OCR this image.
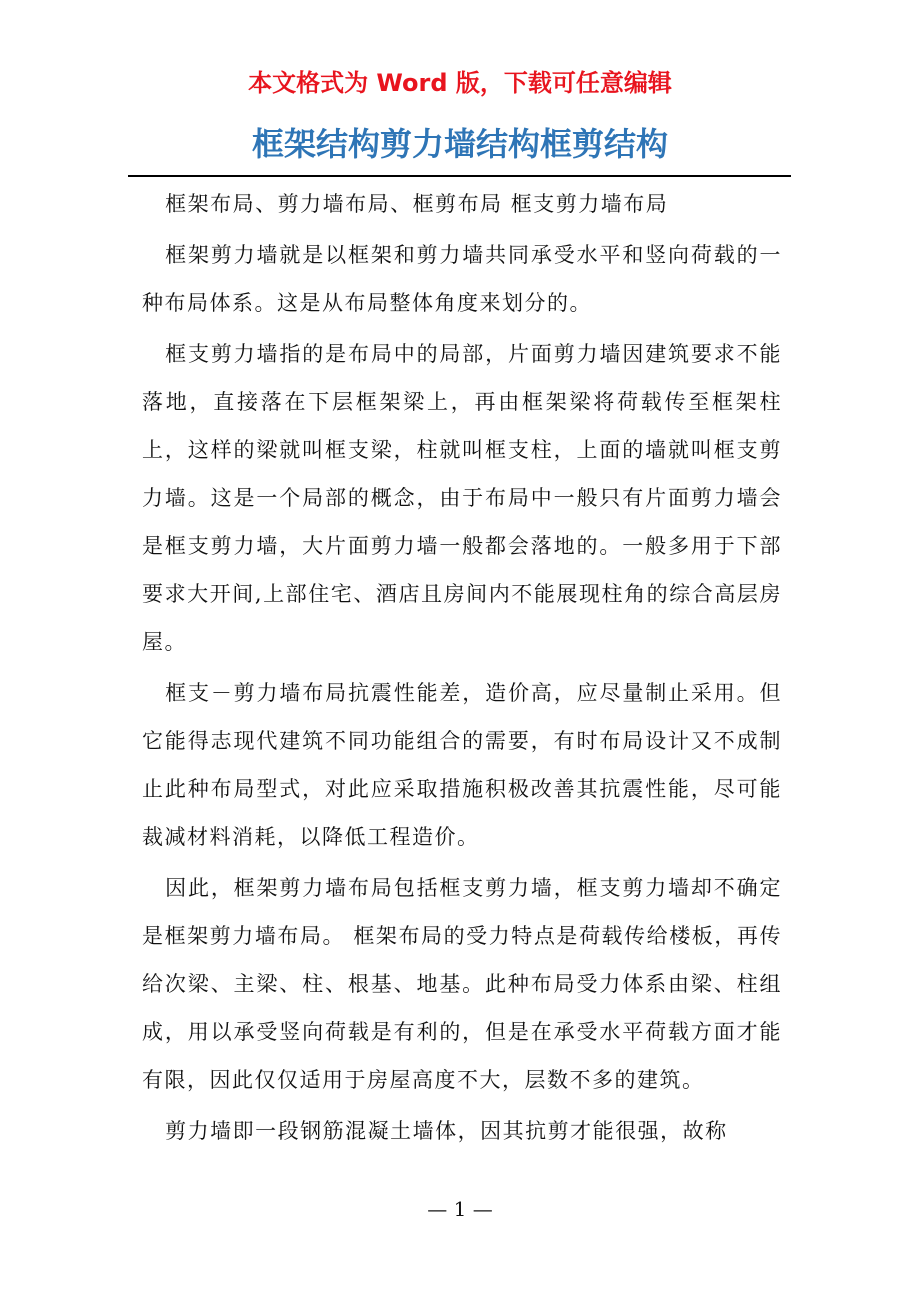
本文格式为 Word 版，下载可任意编辑
框架结构剪力墙结构框剪结构

框架布局、剪力墙布局、框剪布局 框支剪力墙布局

框架剪力墙就是以框架和剪力墙共同承受水平和竖向荷载的一种布局体系。这是从布局整体角度来划分的。

框支剪力墙指的是布局中的局部，片面剪力墙因建筑要求不能落地，直接落在下层框架梁上，再由框架梁将荷载传至框架柱上，这样的梁就叫框支梁，柱就叫框支柱，上面的墙就叫框支剪力墙。这是一个局部的概念，由于布局中一般只有片面剪力墙会是框支剪力墙，大片面剪力墙一般都会落地的。一般多用于下部要求大开间,上部住宅、酒店且房间内不能展现柱角的综合高层房屋。

框支－剪力墙布局抗震性能差，造价高，应尽量制止采用。但它能得志现代建筑不同功能组合的需要，有时布局设计又不成制止此种布局型式，对此应采取措施积极改善其抗震性能，尽可能裁减材料消耗，以降低工程造价。

因此，框架剪力墙布局包括框支剪力墙，框支剪力墙却不确定是框架剪力墙布局。 框架布局的受力特点是荷载传给楼板，再传给次梁、主梁、柱、根基、地基。此种布局受力体系由梁、柱组成，用以承受竖向荷载是有利的，但是在承受水平荷载方面才能有限，因此仅仅适用于房屋高度不大，层数不多的建筑。

剪力墙即一段钢筋混凝土墙体，因其抗剪才能很强，故称

— 1 —
